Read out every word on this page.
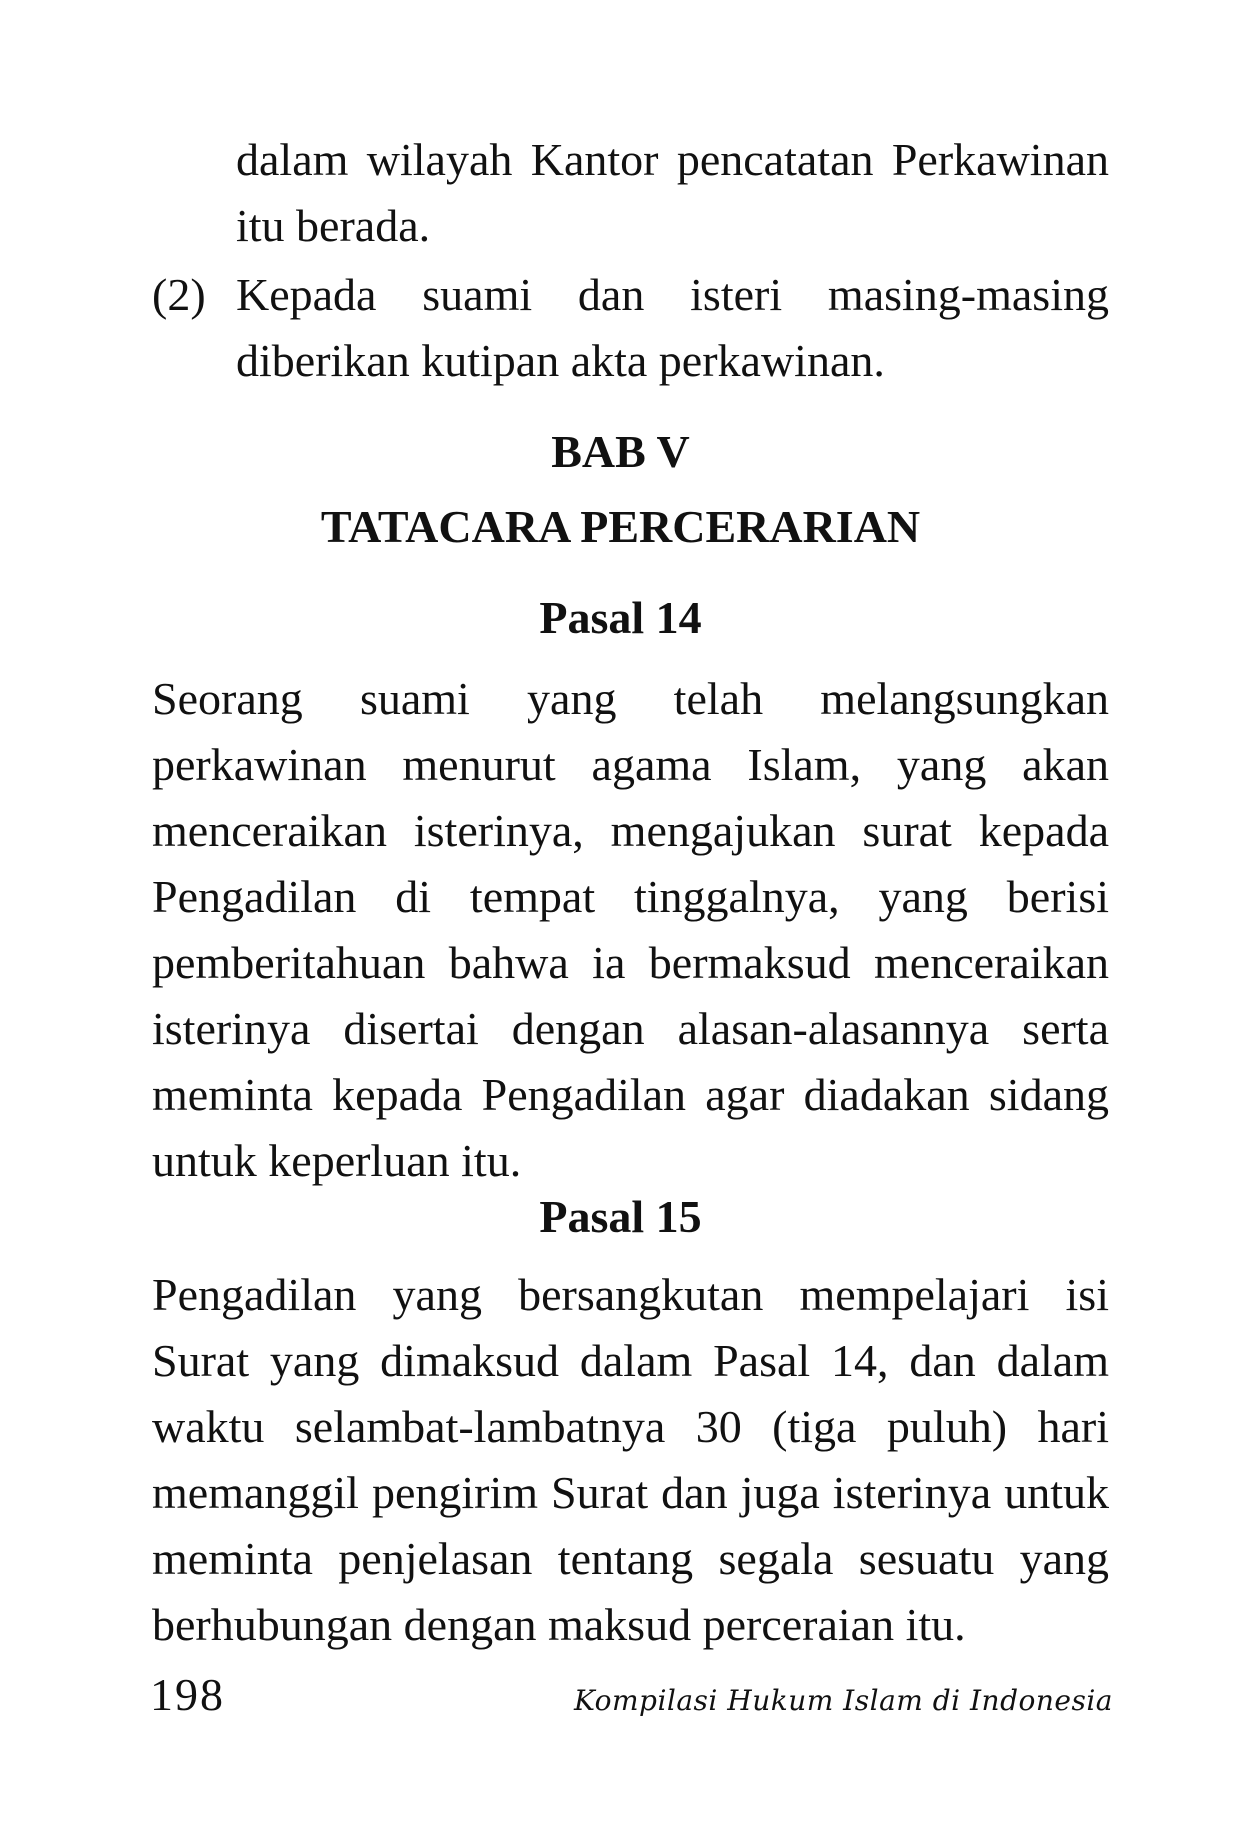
dalam wilayah Kantor pencatatan Perkawinan itu berada.

(2) Kepada suami dan isteri masing-masing diberikan kutipan akta perkawinan.

BAB V
TATACARA PERCERARIAN
Pasal 14

Seorang suami yang telah melangsungkan perkawinan menurut agama Islam, yang akan menceraikan isterinya, mengajukan surat kepada Pengadilan di tempat tinggalnya, yang berisi pemberitahuan bahwa ia bermaksud menceraikan isterinya disertai dengan alasan-alasannya serta meminta kepada Pengadilan agar diadakan sidang untuk keperluan itu.

Pasal 15

Pengadilan yang bersangkutan mempelajari isi Surat yang dimaksud dalam Pasal 14, dan dalam waktu selambat-lambatnya 30 (tiga puluh) hari memanggil pengirim Surat dan juga isterinya untuk meminta penjelasan tentang segala sesuatu yang berhubungan dengan maksud perceraian itu.

198	Kompilasi Hukum Islam di Indonesia
